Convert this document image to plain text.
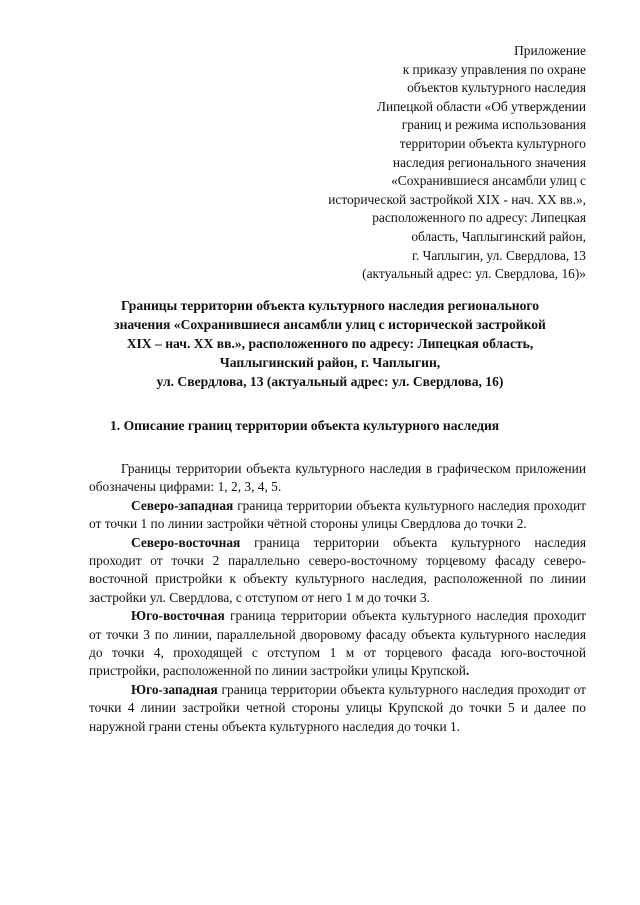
Приложение
к приказу управления по охране
объектов культурного наследия
Липецкой области «Об утверждении
границ и режима использования
территории объекта культурного
наследия регионального значения
«Сохранившиеся ансамбли улиц с
исторической застройкой XIX - нач. XX вв.»,
расположенного по адресу: Липецкая
область, Чаплыгинский район,
г. Чаплыгин, ул. Свердлова, 13
(актуальный адрес: ул. Свердлова, 16)»
Границы территории объекта культурного наследия регионального
значения «Сохранившиеся ансамбли улиц с исторической застройкой
XIX – нач. XX вв.», расположенного по адресу: Липецкая область,
Чаплыгинский район, г. Чаплыгин,
ул. Свердлова, 13 (актуальный адрес: ул. Свердлова, 16)
1. Описание границ территории объекта культурного наследия

Границы территории объекта культурного наследия в графическом приложении обозначены цифрами: 1, 2, 3, 4, 5.

Северо-западная граница территории объекта культурного наследия проходит от точки 1 по линии застройки чётной стороны улицы Свердлова до точки 2.

Северо-восточная граница территории объекта культурного наследия проходит от точки 2 параллельно северо-восточному торцевому фасаду северо-восточной пристройки к объекту культурного наследия, расположенной по линии застройки ул. Свердлова, с отступом от него 1 м до точки 3.

Юго-восточная граница территории объекта культурного наследия проходит от точки 3 по линии, параллельной дворовому фасаду объекта культурного наследия до точки 4, проходящей с отступом 1 м от торцевого фасада юго-восточной пристройки, расположенной по линии застройки улицы Крупской.

Юго-западная граница территории объекта культурного наследия проходит от точки 4 линии застройки четной стороны улицы Крупской до точки 5 и далее по наружной грани стены объекта культурного наследия до точки 1.
